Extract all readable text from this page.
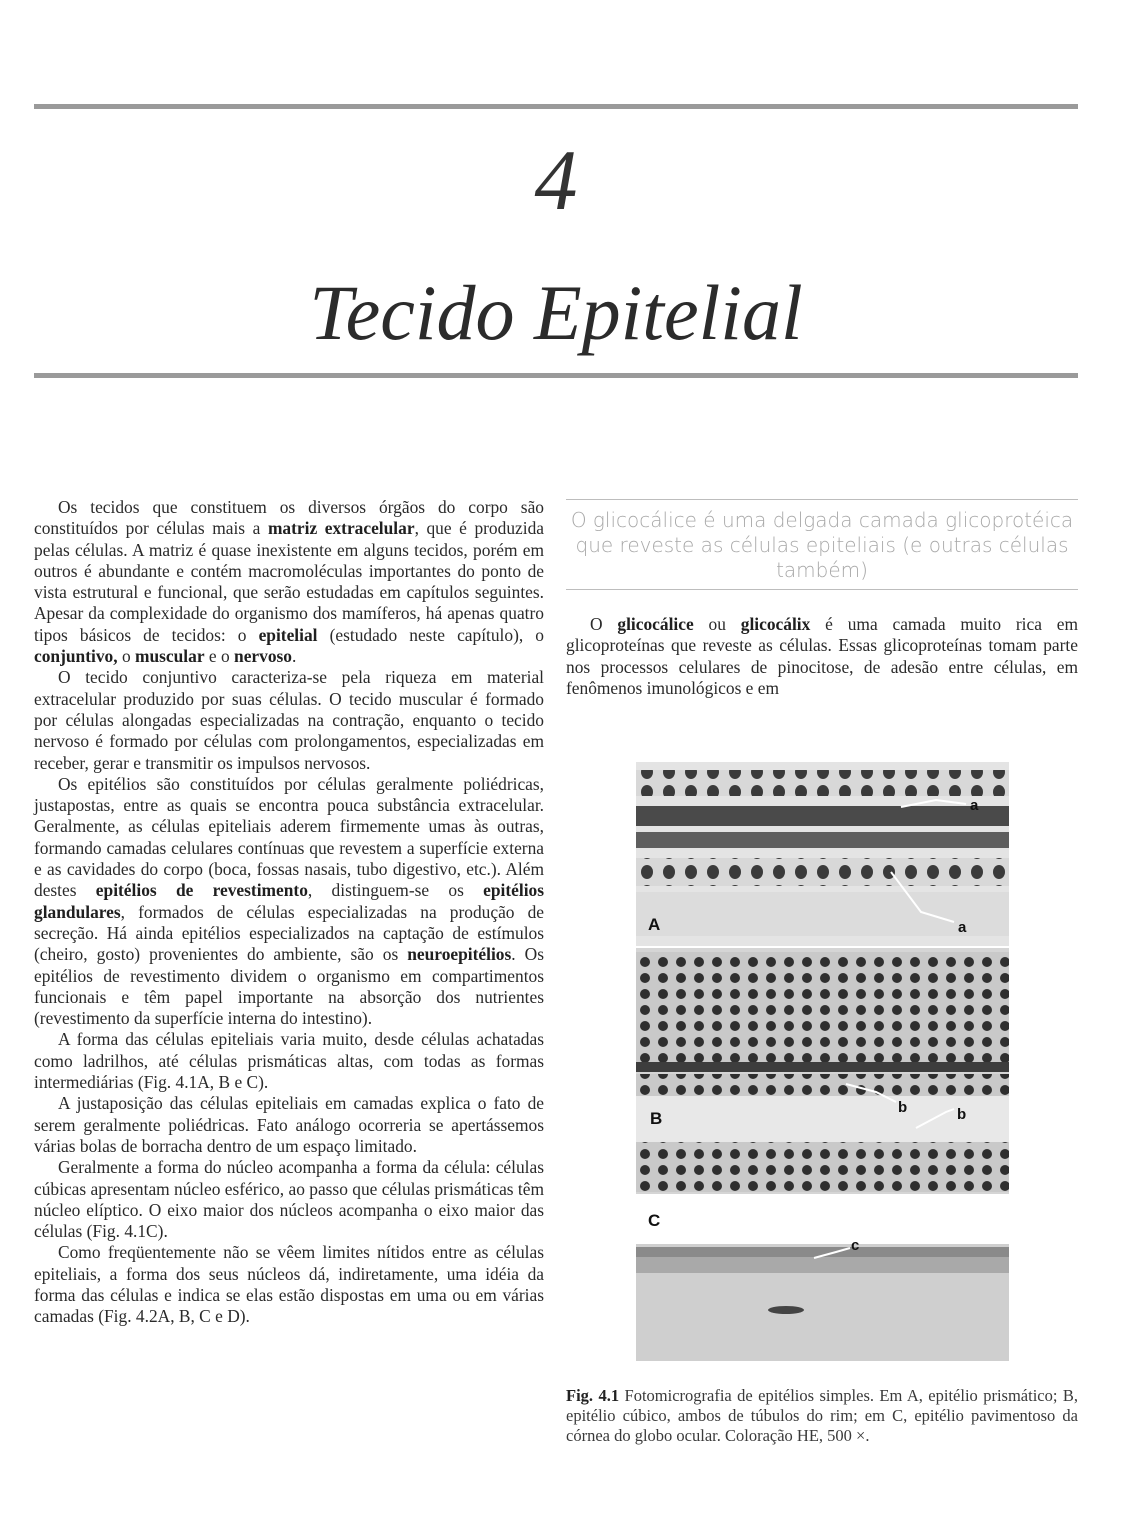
4
Tecido Epitelial

Os tecidos que constituem os diversos órgãos do corpo são constituídos por células mais a matriz extracelular, que é produzida pelas células. A matriz é quase inexistente em alguns tecidos, porém em outros é abundante e contém macromoléculas importantes do ponto de vista estrutural e funcional, que serão estudadas em capítulos seguintes. Apesar da complexidade do organismo dos mamíferos, há apenas quatro tipos básicos de tecidos: o epitelial (estudado neste capítulo), o conjuntivo, o muscular e o nervoso.

O tecido conjuntivo caracteriza-se pela riqueza em material extracelular produzido por suas células. O tecido muscular é formado por células alongadas especializadas na contração, enquanto o tecido nervoso é formado por células com prolongamentos, especializadas em receber, gerar e transmitir os impulsos nervosos.

Os epitélios são constituídos por células geralmente poliédricas, justapostas, entre as quais se encontra pouca substância extracelular. Geralmente, as células epiteliais aderem firmemente umas às outras, formando camadas celulares contínuas que revestem a superfície externa e as cavidades do corpo (boca, fossas nasais, tubo digestivo, etc.). Além destes epitélios de revestimento, distinguem-se os epitélios glandulares, formados de células especializadas na produção de secreção. Há ainda epitélios especializados na captação de estímulos (cheiro, gosto) provenientes do ambiente, são os neuroepitélios. Os epitélios de revestimento dividem o organismo em compartimentos funcionais e têm papel importante na absorção dos nutrientes (revestimento da superfície interna do intestino).

A forma das células epiteliais varia muito, desde células achatadas como ladrilhos, até células prismáticas altas, com todas as formas intermediárias (Fig. 4.1A, B e C).

A justaposição das células epiteliais em camadas explica o fato de serem geralmente poliédricas. Fato análogo ocorreria se apertássemos várias bolas de borracha dentro de um espaço limitado.

Geralmente a forma do núcleo acompanha a forma da célula: células cúbicas apresentam núcleo esférico, ao passo que células prismáticas têm núcleo elíptico. O eixo maior dos núcleos acompanha o eixo maior das células (Fig. 4.1C).

Como freqüentemente não se vêem limites nítidos entre as células epiteliais, a forma dos seus núcleos dá, indiretamente, uma idéia da forma das células e indica se elas estão dispostas em uma ou em várias camadas (Fig. 4.2A, B, C e D).

O glicocálice é uma delgada camada glicoprotéica que reveste as células epiteliais (e outras células também)

O glicocálice ou glicocálix é uma camada muito rica em glicoproteínas que reveste as células. Essas glicoproteínas tomam parte nos processos celulares de pinocitose, de adesão entre células, em fenômenos imunológicos e em

a
a
A
b	b
B
C
c
Fig. 4.1 Fotomicrografia de epitélios simples. Em A, epitélio prismático; B, epitélio cúbico, ambos de túbulos do rim; em C, epitélio pavimentoso da córnea do globo ocular. Coloração HE, 500 ×.
